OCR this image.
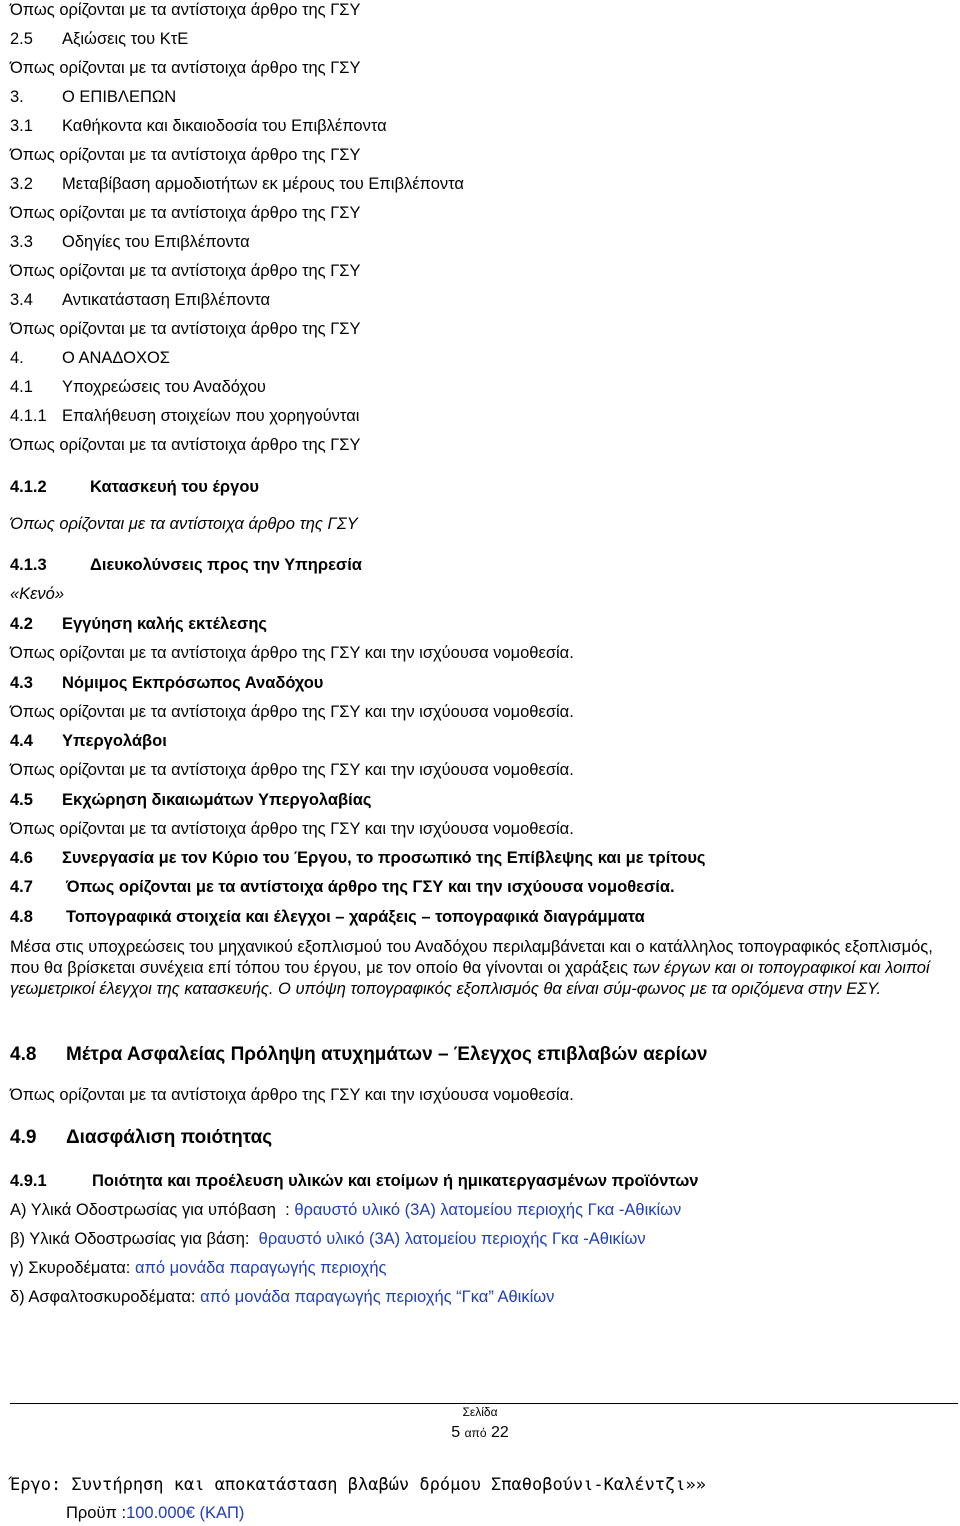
Όπως ορίζονται με τα αντίστοιχα άρθρο της ΓΣΥ
2.5 Αξιώσεις του ΚτΕ
Όπως ορίζονται με τα αντίστοιχα άρθρο της ΓΣΥ
3. Ο ΕΠΙΒΛΕΠΩΝ
3.1 Καθήκοντα και δικαιοδοσία του Επιβλέποντα
Όπως ορίζονται με τα αντίστοιχα άρθρο της ΓΣΥ
3.2 Μεταβίβαση αρμοδιοτήτων εκ μέρους του Επιβλέποντα
Όπως ορίζονται με τα αντίστοιχα άρθρο της ΓΣΥ
3.3 Οδηγίες του Επιβλέποντα
Όπως ορίζονται με τα αντίστοιχα άρθρο της ΓΣΥ
3.4 Αντικατάσταση Επιβλέποντα
Όπως ορίζονται με τα αντίστοιχα άρθρο της ΓΣΥ
4. Ο ΑΝΑΔΟΧΟΣ
4.1 Υποχρεώσεις του Αναδόχου
4.1.1 Επαλήθευση στοιχείων που χορηγούνται
Όπως ορίζονται με τα αντίστοιχα άρθρο της ΓΣΥ
4.1.2	Κατασκευή του έργου
Όπως ορίζονται με τα αντίστοιχα άρθρο της ΓΣΥ
4.1.3	Διευκολύνσεις προς την Υπηρεσία
«Κενό»
4.2 Εγγύηση καλής εκτέλεσης
Όπως ορίζονται με τα αντίστοιχα άρθρο της ΓΣΥ και την ισχύουσα νομοθεσία.
4.3 Νόμιμος Εκπρόσωπος Αναδόχου
Όπως ορίζονται με τα αντίστοιχα άρθρο της ΓΣΥ και την ισχύουσα νομοθεσία.
4.4 Υπεργολάβοι
Όπως ορίζονται με τα αντίστοιχα άρθρο της ΓΣΥ και την ισχύουσα νομοθεσία.
4.5 Εκχώρηση δικαιωμάτων Υπεργολαβίας
Όπως ορίζονται με τα αντίστοιχα άρθρο της ΓΣΥ και την ισχύουσα νομοθεσία.
4.6 Συνεργασία με τον Κύριο του Έργου, το προσωπικό της Επίβλεψης και με τρίτους
4.7 Όπως ορίζονται με τα αντίστοιχα άρθρο της ΓΣΥ και την ισχύουσα νομοθεσία.
4.8 Τοπογραφικά στοιχεία και έλεγχοι – χαράξεις – τοπογραφικά διαγράμματα
Μέσα στις υποχρεώσεις του μηχανικού εξοπλισμού του Αναδόχου περιλαμβάνεται και ο κατάλληλος τοπογραφικός εξοπλισμός, που θα βρίσκεται συνέχεια επί τόπου του έργου, με τον οποίο θα γίνονται οι χαράξεις των έργων και οι τοπογραφικοί και λοιποί γεωμετρικοί έλεγχοι της κατασκευής. Ο υπόψη τοπογραφικός εξοπλισμός θα είναι σύμ-φωνος με τα οριζόμενα στην ΕΣΥ.
4.8 Μέτρα Ασφαλείας Πρόληψη ατυχημάτων – Έλεγχος επιβλαβών αερίων
Όπως ορίζονται με τα αντίστοιχα άρθρο της ΓΣΥ και την ισχύουσα νομοθεσία.
4.9 Διασφάλιση ποιότητας
4.9.1	Ποιότητα και προέλευση υλικών και ετοίμων ή ημικατεργασμένων προϊόντων
Α) Υλικά Οδοστρωσίας για υπόβαση  : θραυστό υλικό (3Α) λατομείου περιοχής Γκα -Αθικίων
β) Υλικά Οδοστρωσίας για βάση:  θραυστό υλικό (3Α) λατομείου περιοχής Γκα -Αθικίων
γ) Σκυροδέματα: από μονάδα παραγωγής περιοχής
δ) Ασφαλτοσκυροδέματα: από μονάδα παραγωγής περιοχής “Γκα” Αθικίων
Σελίδα
5 από 22
Έργο: Συντήρηση και αποκατάσταση βλαβών δρόμου Σπαθοβούνι-Καλέντζι»»
Προϋπ :100.000€ (ΚΑΠ)
